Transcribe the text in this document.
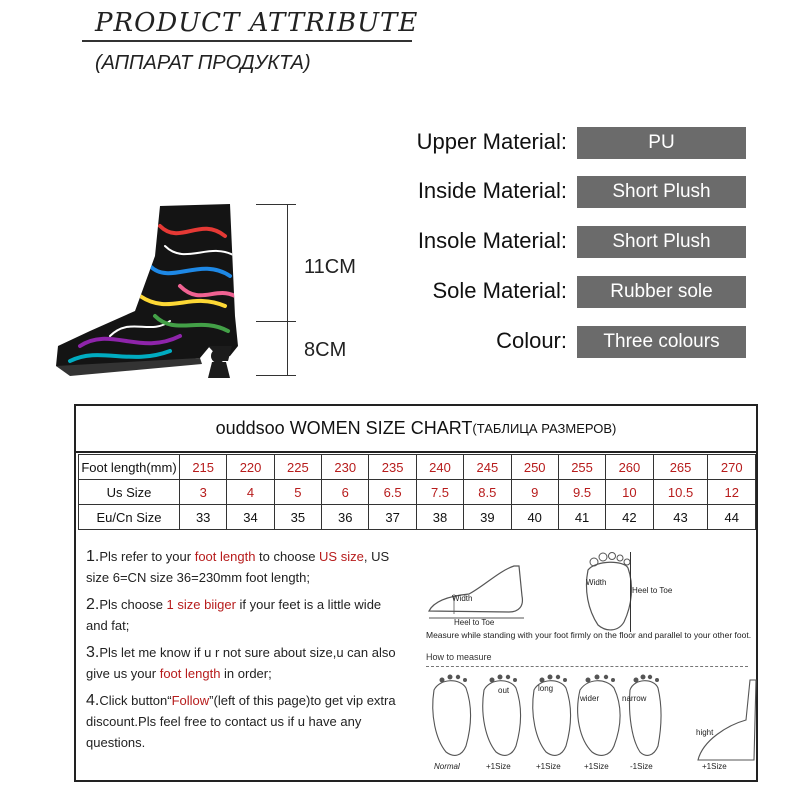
PRODUCT ATTRIBUTE
(АППАРАТ ПРОДУКТА)
11CM
8CM
Upper Material:	PU
Inside Material:	Short Plush
Insole Material:	Short Plush
Sole Material:	Rubber sole
Colour:	Three colours
ouddsoo WOMEN SIZE CHART (ТАБЛИЦА РАЗМЕРОВ)
Foot length(mm)	215	220	225	230	235	240	245	250	255	260	265	270
Us Size	3	4	5	6	6.5	7.5	8.5	9	9.5	10	10.5	12
Eu/Cn Size	33	34	35	36	37	38	39	40	41	42	43	44

1.Pls refer to your foot length to choose US size, US size 6=CN size 36=230mm foot length;

2.Pls choose 1 size biiger if your feet is a little wide and fat;

3.Pls let me know if u r not sure about size,u can also give us your foot length in order;

4.Click button“Follow”(left of this page)to get vip extra discount.Pls feel free to contact us if u have any questions.

Width
Heel to Toe
Width
Heel to Toe
Measure while standing with your foot firmly on the floor and parallel to your other foot.
How to measure
out	long
wider	narrow
hight
Normal	+1Size	+1Size	+1Size	-1Size	+1Size
